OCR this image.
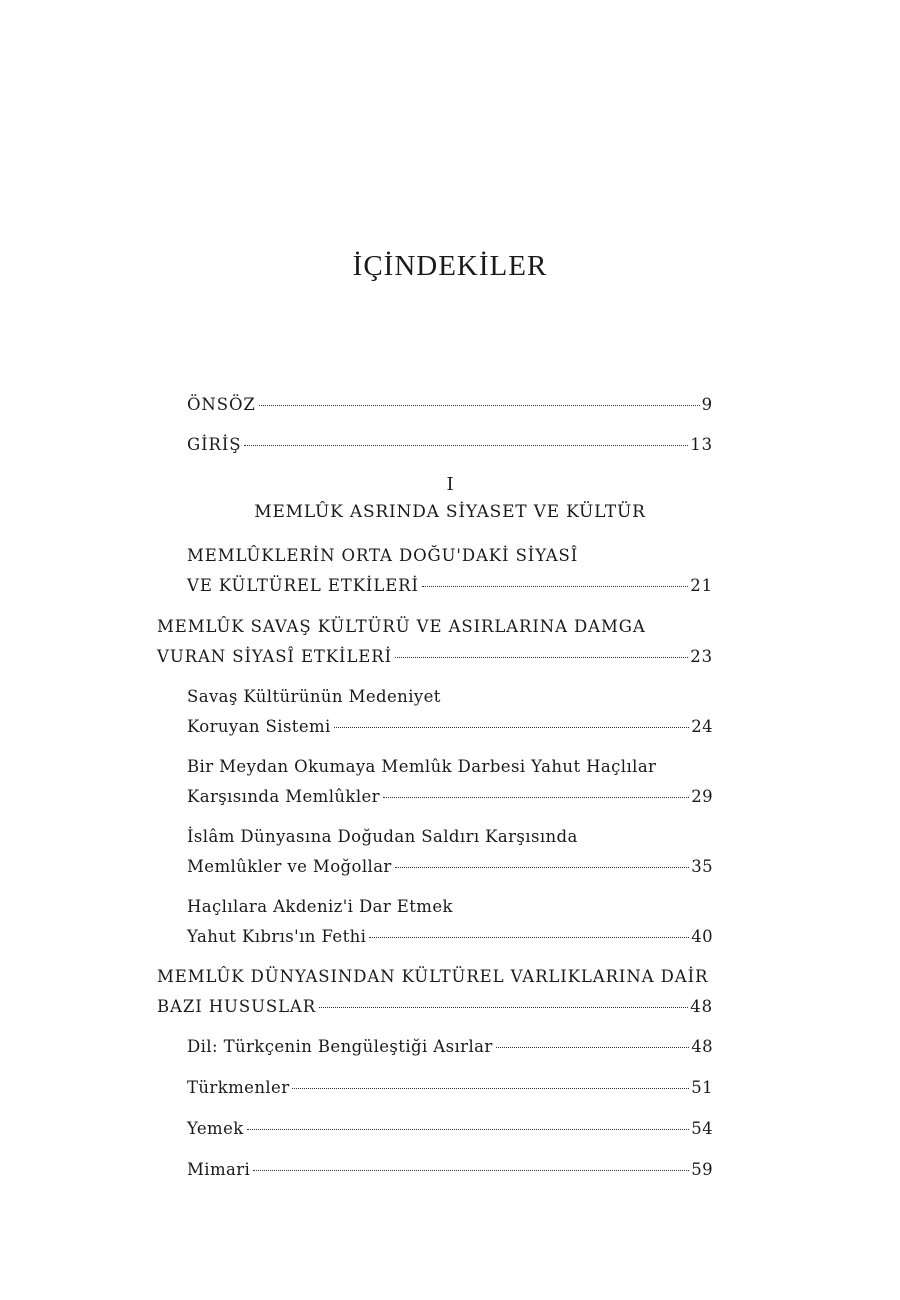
İÇİNDEKİLER
ÖNSÖZ	9
GİRİŞ	13
I
MEMLÛK ASRINDA SİYASET VE KÜLTÜR
MEMLÛKLERİN ORTA DOĞU'DAKİ SİYASÎ
VE KÜLTÜREL ETKİLERİ	21
MEMLÛK SAVAŞ KÜLTÜRÜ VE ASIRLARINA DAMGA
VURAN SİYASÎ ETKİLERİ	23
Savaş Kültürünün Medeniyet
Koruyan Sistemi	24
Bir Meydan Okumaya Memlûk Darbesi Yahut Haçlılar
Karşısında Memlûkler	29
İslâm Dünyasına Doğudan Saldırı Karşısında
Memlûkler ve Moğollar	35
Haçlılara Akdeniz'i Dar Etmek
Yahut Kıbrıs'ın Fethi	40
MEMLÛK DÜNYASINDAN KÜLTÜREL VARLIKLARINA DAİR
BAZI HUSUSLAR	48
Dil: Türkçenin Bengüleştiği Asırlar	48
Türkmenler	51
Yemek	54
Mimari	59
